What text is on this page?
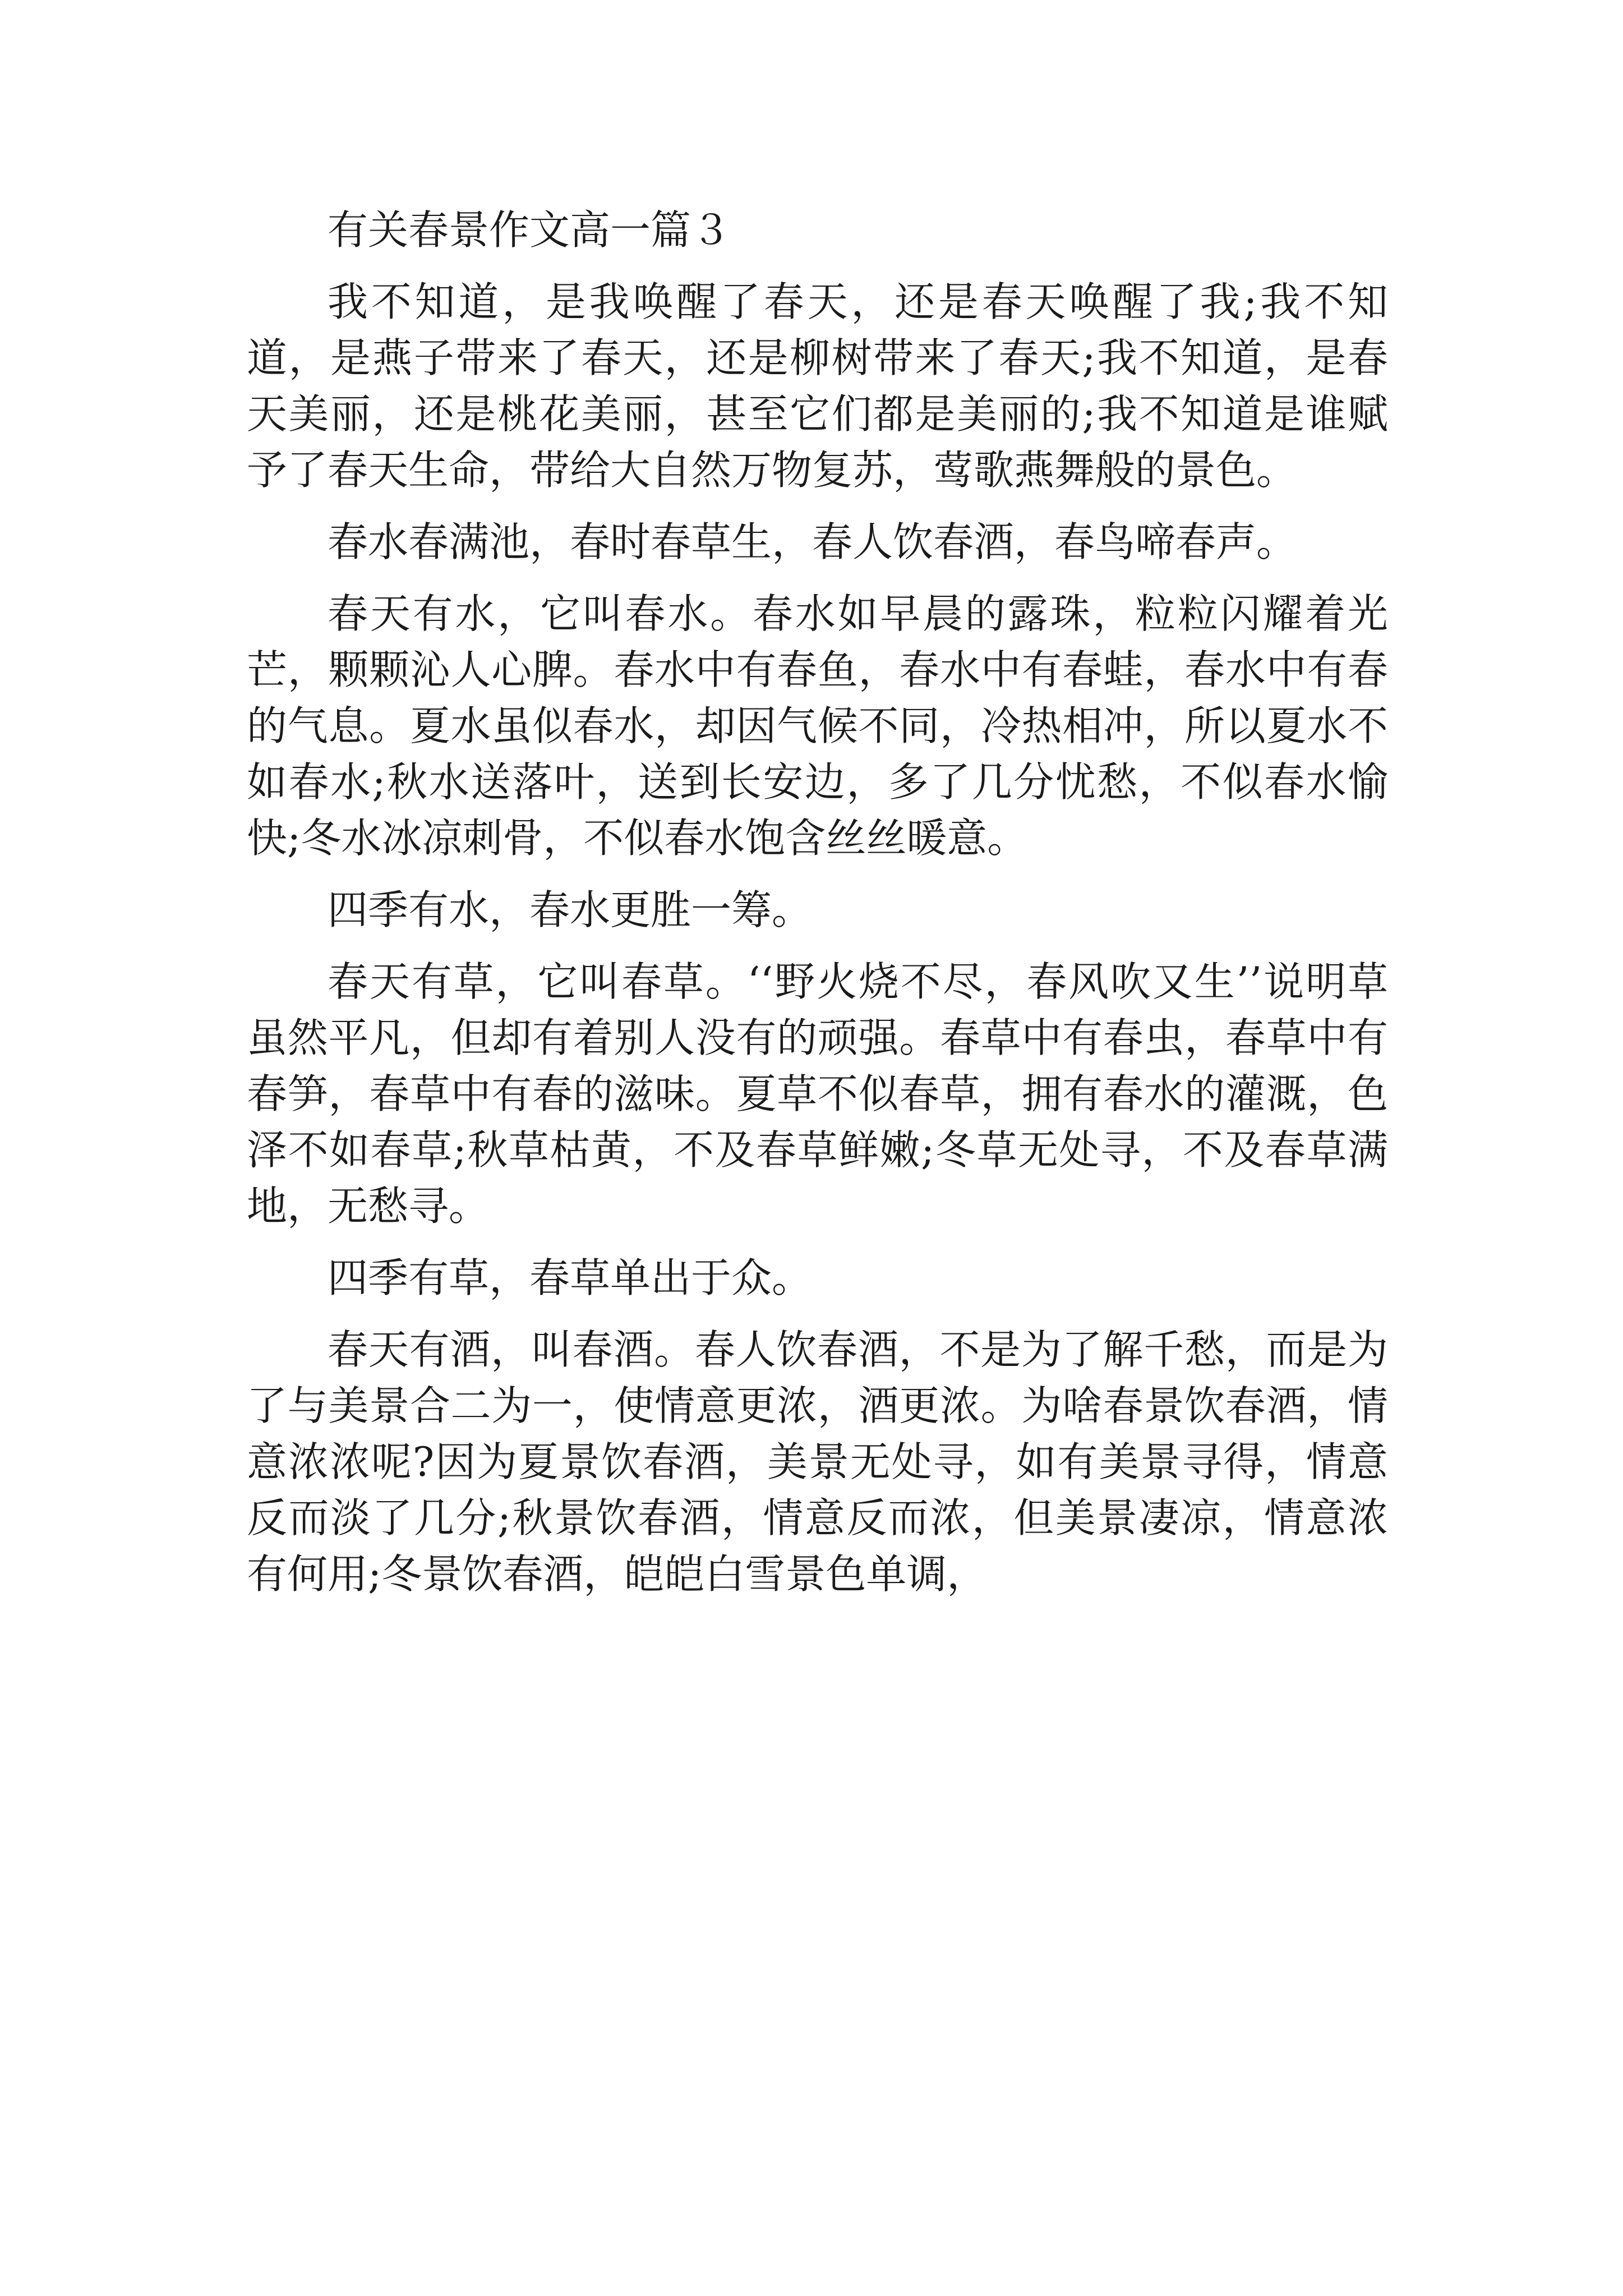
有关春景作文高一篇３

我不知道，是我唤醒了春天，还是春天唤醒了我;我不知道，是燕子带来了春天，还是柳树带来了春天;我不知道，是春天美丽，还是桃花美丽，甚至它们都是美丽的;我不知道是谁赋予了春天生命，带给大自然万物复苏，莺歌燕舞般的景色。

春水春满池，春时春草生，春人饮春酒，春鸟啼春声。

春天有水，它叫春水。春水如早晨的露珠，粒粒闪耀着光芒，颗颗沁人心脾。春水中有春鱼，春水中有春蛙，春水中有春的气息。夏水虽似春水，却因气候不同，冷热相冲，所以夏水不如春水;秋水送落叶，送到长安边，多了几分忧愁，不似春水愉快;冬水冰凉刺骨，不似春水饱含丝丝暖意。

四季有水，春水更胜一筹。

春天有草，它叫春草。‘‘野火烧不尽，春风吹又生’’说明草虽然平凡，但却有着别人没有的顽强。春草中有春虫，春草中有春笋，春草中有春的滋味。夏草不似春草，拥有春水的灌溉，色泽不如春草;秋草枯黄，不及春草鲜嫩;冬草无处寻，不及春草满地，无愁寻。

四季有草，春草单出于众。

春天有酒，叫春酒。春人饮春酒，不是为了解千愁，而是为了与美景合二为一，使情意更浓，酒更浓。为啥春景饮春酒，情意浓浓呢?因为夏景饮春酒，美景无处寻，如有美景寻得，情意反而淡了几分;秋景饮春酒，情意反而浓，但美景凄凉，情意浓有何用;冬景饮春酒，皑皑白雪景色单调，
